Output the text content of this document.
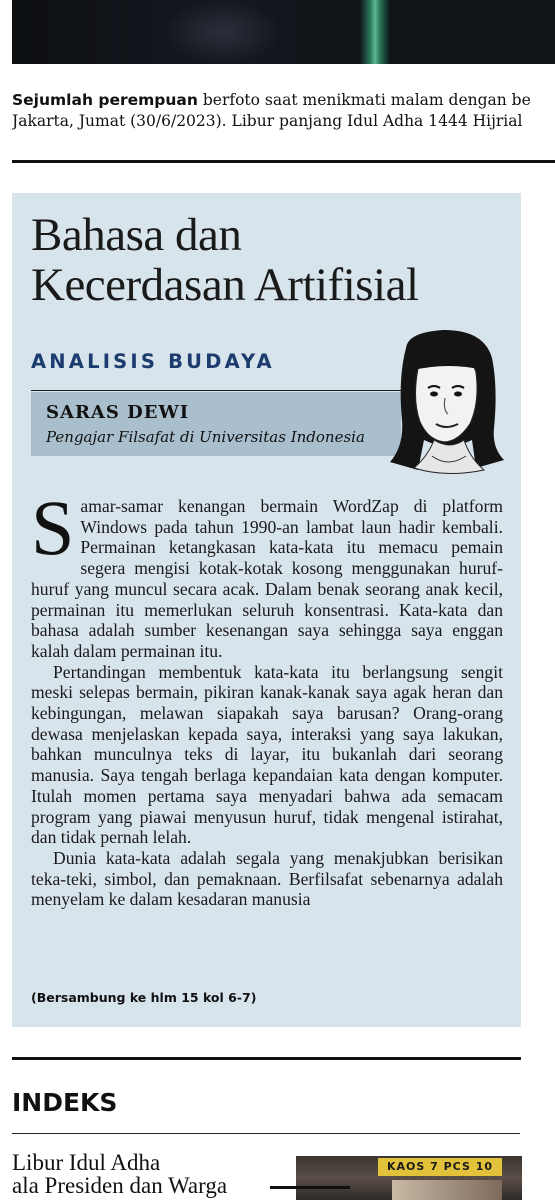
Sejumlah perempuan berfoto saat menikmati malam dengan be
Jakarta, Jumat (30/6/2023). Libur panjang Idul Adha 1444 Hijrial
Bahasa dan
Kecerdasan Artifisial
ANALISIS BUDAYA
SARAS DEWI
Pengajar Filsafat di Universitas Indonesia

Samar-samar kenangan bermain WordZap di platform Windows pada tahun 1990-an lambat laun hadir kembali. Permainan ketangkasan kata-kata itu memacu pemain segera mengisi kotak-kotak kosong menggunakan huruf-huruf yang muncul secara acak. Dalam benak seorang anak kecil, permainan itu memerlukan seluruh konsentrasi. Kata-kata dan bahasa adalah sumber kesenangan saya sehingga saya enggan kalah dalam permainan itu.

Pertandingan membentuk kata-kata itu berlangsung sengit meski selepas bermain, pikiran kanak-kanak saya agak heran dan kebingungan, melawan siapakah saya barusan? Orang-orang dewasa menjelaskan kepada saya, interaksi yang saya lakukan, bahkan munculnya teks di layar, itu bukanlah dari seorang manusia. Saya tengah berlaga kepandaian kata dengan komputer. Itulah momen pertama saya menyadari bahwa ada semacam program yang piawai menyusun huruf, tidak mengenal istirahat, dan tidak pernah lelah.

Dunia kata-kata adalah segala yang menakjubkan berisikan teka-teki, simbol, dan pemaknaan. Berfilsafat sebenarnya adalah menyelam ke dalam kesadaran manusia

(Bersambung ke hlm 15 kol 6-7)
INDEKS
Libur Idul Adha
ala Presiden dan Warga
KAOS 7 PCS 10
